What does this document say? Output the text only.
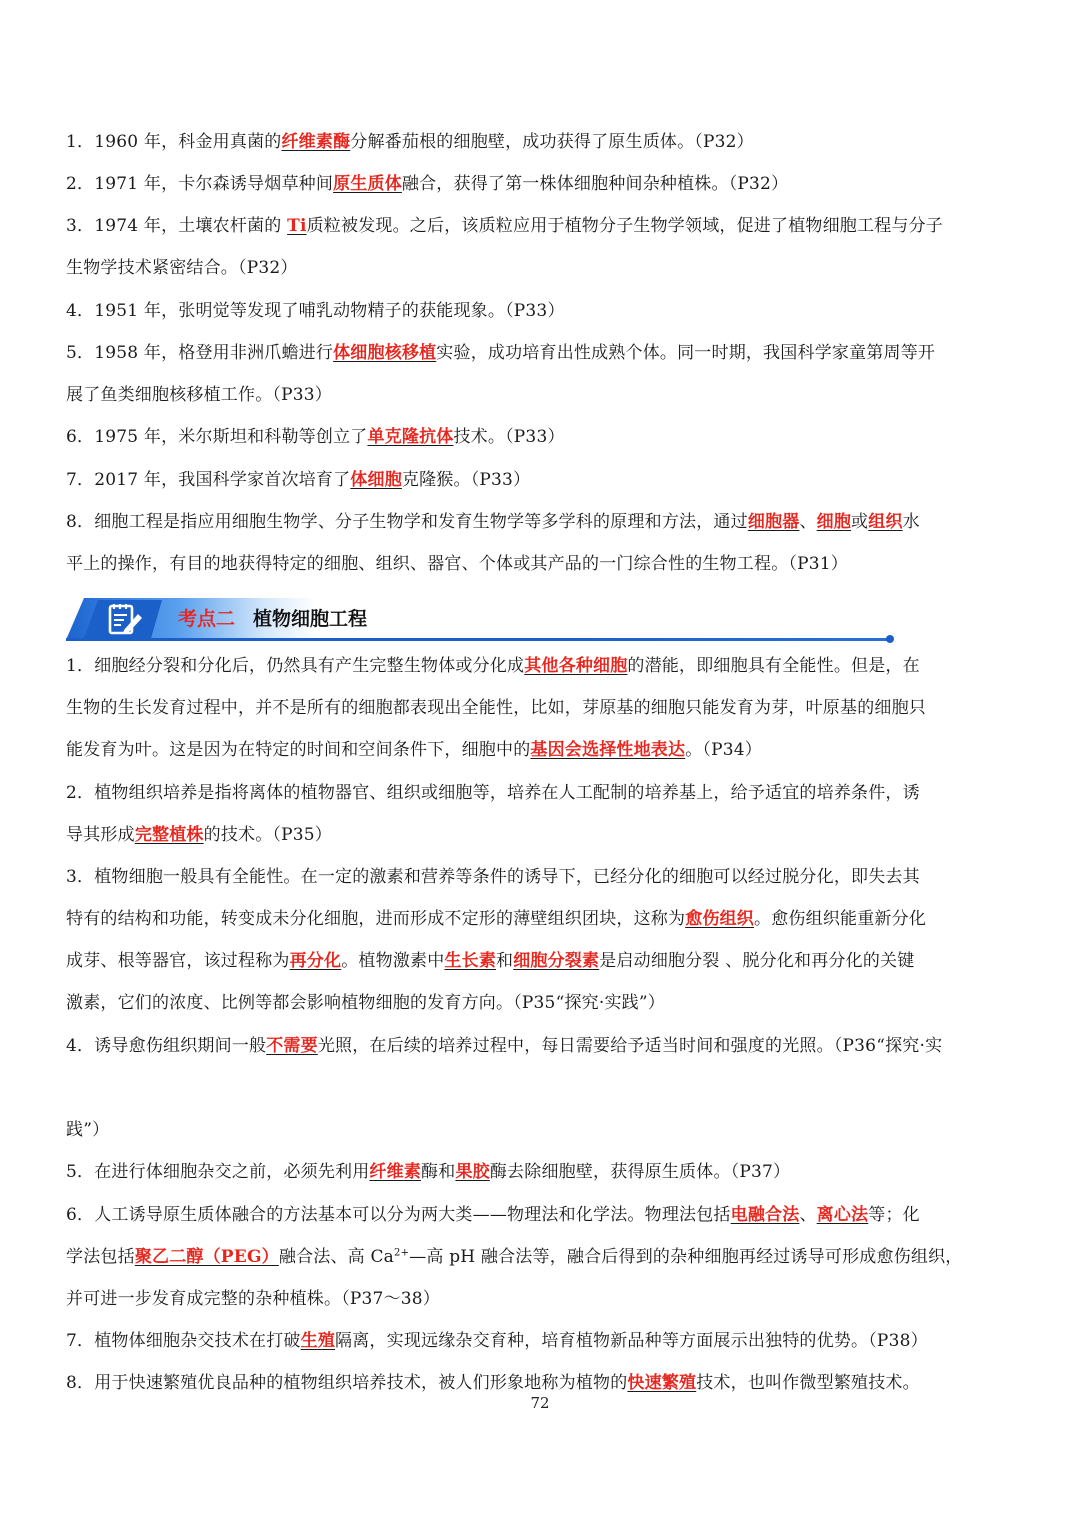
1．1960 年，科金用真菌的纤维素酶分解番茄根的细胞壁，成功获得了原生质体。（P32）
2．1971 年，卡尔森诱导烟草种间原生质体融合，获得了第一株体细胞种间杂种植株。（P32）
3．1974 年，土壤农杆菌的 Ti质粒被发现。之后，该质粒应用于植物分子生物学领域，促进了植物细胞工程与分子
生物学技术紧密结合。（P32）
4．1951 年，张明觉等发现了哺乳动物精子的获能现象。（P33）
5．1958 年，格登用非洲爪蟾进行体细胞核移植实验，成功培育出性成熟个体。同一时期，我国科学家童第周等开
展了鱼类细胞核移植工作。（P33）
6．1975 年，米尔斯坦和科勒等创立了单克隆抗体技术。（P33）
7．2017 年，我国科学家首次培育了体细胞克隆猴。（P33）
8．细胞工程是指应用细胞生物学、分子生物学和发育生物学等多学科的原理和方法，通过细胞器、细胞或组织水
平上的操作，有目的地获得特定的细胞、组织、器官、个体或其产品的一门综合性的生物工程。（P31）
考点二 植物细胞工程
1．细胞经分裂和分化后，仍然具有产生完整生物体或分化成其他各种细胞的潜能，即细胞具有全能性。但是，在
生物的生长发育过程中，并不是所有的细胞都表现出全能性，比如，芽原基的细胞只能发育为芽，叶原基的细胞只
能发育为叶。这是因为在特定的时间和空间条件下，细胞中的基因会选择性地表达。（P34）
2．植物组织培养是指将离体的植物器官、组织或细胞等，培养在人工配制的培养基上，给予适宜的培养条件，诱
导其形成完整植株的技术。（P35）
3．植物细胞一般具有全能性。在一定的激素和营养等条件的诱导下，已经分化的细胞可以经过脱分化，即失去其
特有的结构和功能，转变成未分化细胞，进而形成不定形的薄壁组织团块，这称为愈伤组织。愈伤组织能重新分化
成芽、根等器官，该过程称为再分化。植物激素中生长素和细胞分裂素是启动细胞分裂 、脱分化和再分化的关键
激素，它们的浓度、比例等都会影响植物细胞的发育方向。（P35“探究·实践”）
4．诱导愈伤组织期间一般不需要光照，在后续的培养过程中，每日需要给予适当时间和强度的光照。（P36“探究·实
践”）
5．在进行体细胞杂交之前，必须先利用纤维素酶和果胶酶去除细胞壁，获得原生质体。（P37）
6．人工诱导原生质体融合的方法基本可以分为两大类——物理法和化学法。物理法包括电融合法、离心法等；化
学法包括聚乙二醇（PEG）融合法、高 $Ca^{2+}—$高 pH 融合法等，融合后得到的杂种细胞再经过诱导可形成愈伤组织，
并可进一步发育成完整的杂种植株。（P37～38）
7．植物体细胞杂交技术在打破生殖隔离，实现远缘杂交育种，培育植物新品种等方面展示出独特的优势。（P38）
8．用于快速繁殖优良品种的植物组织培养技术，被人们形象地称为植物的快速繁殖技术，也叫作微型繁殖技术。
72
